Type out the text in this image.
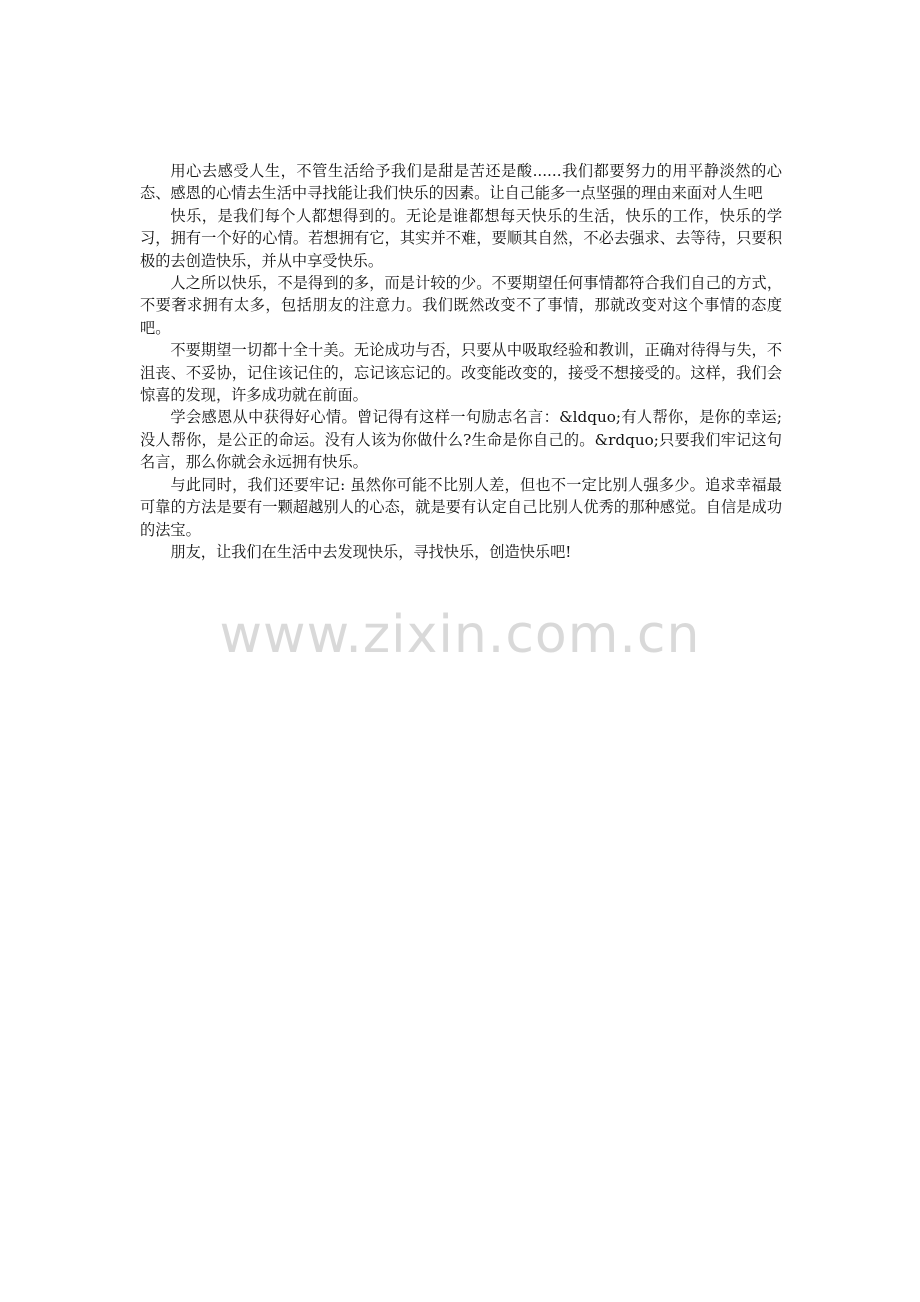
用心去感受人生，不管生活给予我们是甜是苦还是酸......我们都要努力的用平静淡然的心态、感恩的心情去生活中寻找能让我们快乐的因素。让自己能多一点坚强的理由来面对人生吧

快乐，是我们每个人都想得到的。无论是谁都想每天快乐的生活，快乐的工作，快乐的学习，拥有一个好的心情。若想拥有它，其实并不难，要顺其自然，不必去强求、去等待，只要积极的去创造快乐，并从中享受快乐。

人之所以快乐，不是得到的多，而是计较的少。不要期望任何事情都符合我们自己的方式，不要奢求拥有太多，包括朋友的注意力。我们既然改变不了事情，那就改变对这个事情的态度吧。

不要期望一切都十全十美。无论成功与否，只要从中吸取经验和教训，正确对待得与失，不沮丧、不妥协，记住该记住的，忘记该忘记的。改变能改变的，接受不想接受的。这样，我们会惊喜的发现，许多成功就在前面。

学会感恩从中获得好心情。曾记得有这样一句励志名言：&ldquo;有人帮你，是你的幸运;没人帮你，是公正的命运。没有人该为你做什么?生命是你自己的。&rdquo;只要我们牢记这句名言，那么你就会永远拥有快乐。

与此同时，我们还要牢记: 虽然你可能不比别人差，但也不一定比别人强多少。追求幸福最可靠的方法是要有一颗超越别人的心态，就是要有认定自己比别人优秀的那种感觉。自信是成功的法宝。

朋友，让我们在生活中去发现快乐，寻找快乐，创造快乐吧!

www.zixin.com.cn
